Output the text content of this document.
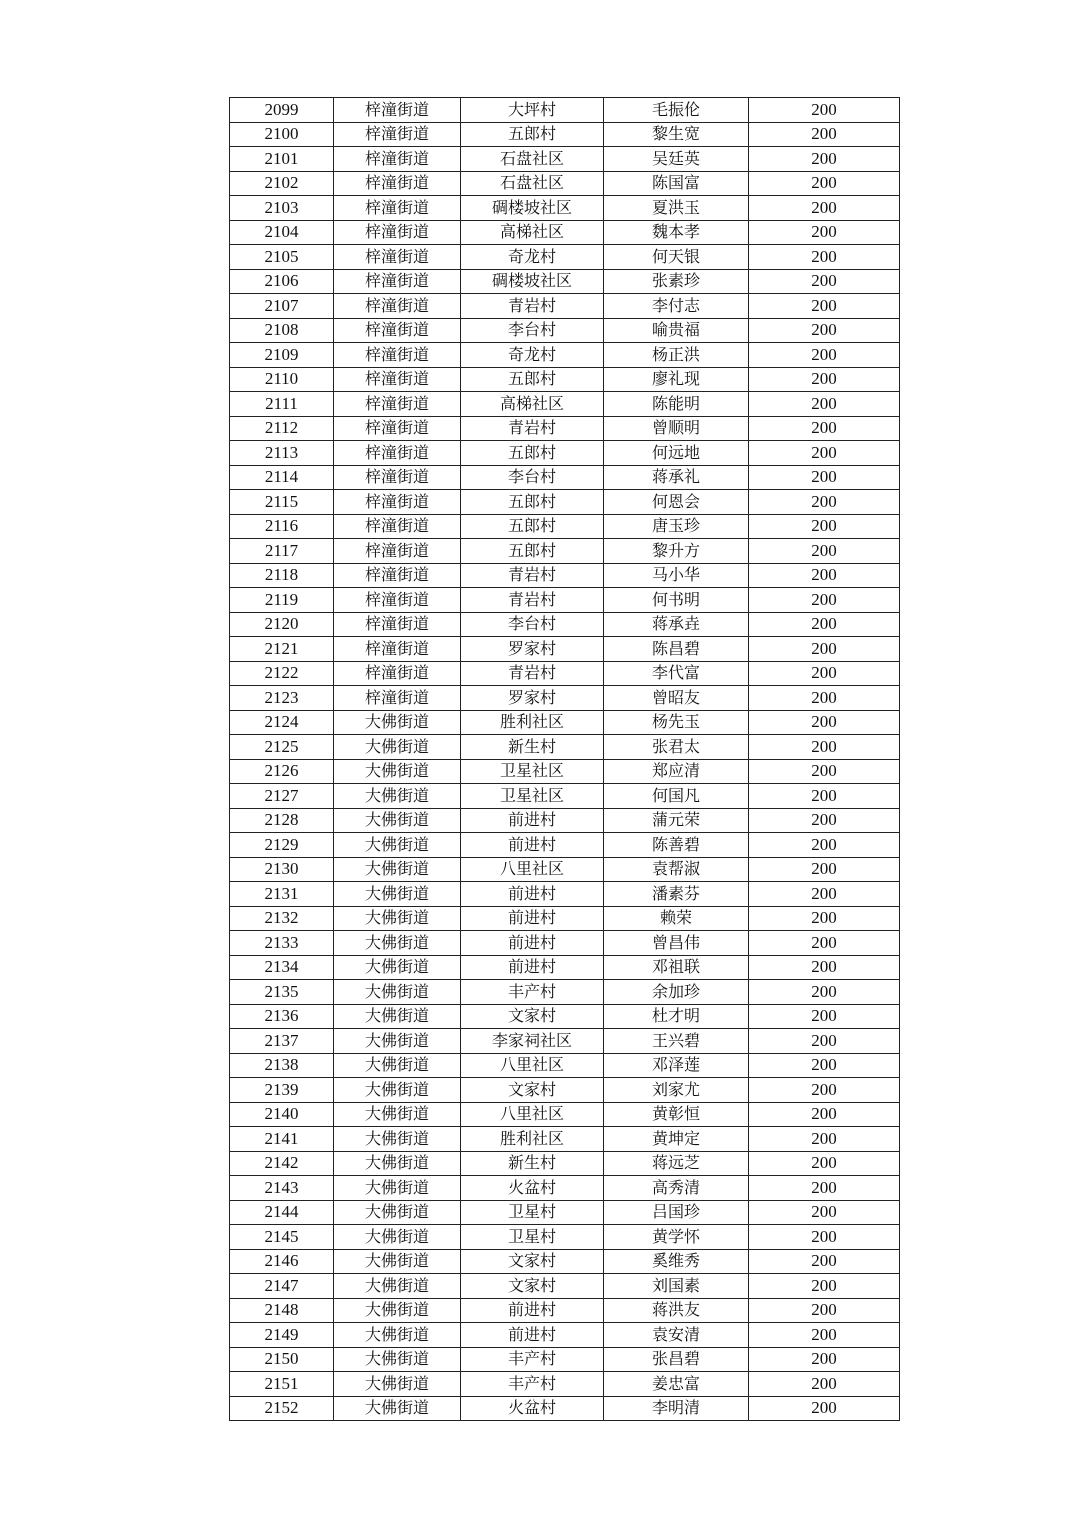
2099	梓潼街道	大坪村	毛振伦	200
2100	梓潼街道	五郎村	黎生宽	200
2101	梓潼街道	石盘社区	吴廷英	200
2102	梓潼街道	石盘社区	陈国富	200
2103	梓潼街道	碉楼坡社区	夏洪玉	200
2104	梓潼街道	高梯社区	魏本孝	200
2105	梓潼街道	奇龙村	何天银	200
2106	梓潼街道	碉楼坡社区	张素珍	200
2107	梓潼街道	青岩村	李付志	200
2108	梓潼街道	李台村	喻贵福	200
2109	梓潼街道	奇龙村	杨正洪	200
2110	梓潼街道	五郎村	廖礼现	200
2111	梓潼街道	高梯社区	陈能明	200
2112	梓潼街道	青岩村	曾顺明	200
2113	梓潼街道	五郎村	何远地	200
2114	梓潼街道	李台村	蒋承礼	200
2115	梓潼街道	五郎村	何恩会	200
2116	梓潼街道	五郎村	唐玉珍	200
2117	梓潼街道	五郎村	黎升方	200
2118	梓潼街道	青岩村	马小华	200
2119	梓潼街道	青岩村	何书明	200
2120	梓潼街道	李台村	蒋承垚	200
2121	梓潼街道	罗家村	陈昌碧	200
2122	梓潼街道	青岩村	李代富	200
2123	梓潼街道	罗家村	曾昭友	200
2124	大佛街道	胜利社区	杨先玉	200
2125	大佛街道	新生村	张君太	200
2126	大佛街道	卫星社区	郑应清	200
2127	大佛街道	卫星社区	何国凡	200
2128	大佛街道	前进村	蒲元荣	200
2129	大佛街道	前进村	陈善碧	200
2130	大佛街道	八里社区	袁帮淑	200
2131	大佛街道	前进村	潘素芬	200
2132	大佛街道	前进村	赖荣	200
2133	大佛街道	前进村	曾昌伟	200
2134	大佛街道	前进村	邓祖联	200
2135	大佛街道	丰产村	余加珍	200
2136	大佛街道	文家村	杜才明	200
2137	大佛街道	李家祠社区	王兴碧	200
2138	大佛街道	八里社区	邓泽莲	200
2139	大佛街道	文家村	刘家尤	200
2140	大佛街道	八里社区	黄彰恒	200
2141	大佛街道	胜利社区	黄坤定	200
2142	大佛街道	新生村	蒋远芝	200
2143	大佛街道	火盆村	高秀清	200
2144	大佛街道	卫星村	吕国珍	200
2145	大佛街道	卫星村	黄学怀	200
2146	大佛街道	文家村	奚维秀	200
2147	大佛街道	文家村	刘国素	200
2148	大佛街道	前进村	蒋洪友	200
2149	大佛街道	前进村	袁安清	200
2150	大佛街道	丰产村	张昌碧	200
2151	大佛街道	丰产村	姜忠富	200
2152	大佛街道	火盆村	李明清	200
